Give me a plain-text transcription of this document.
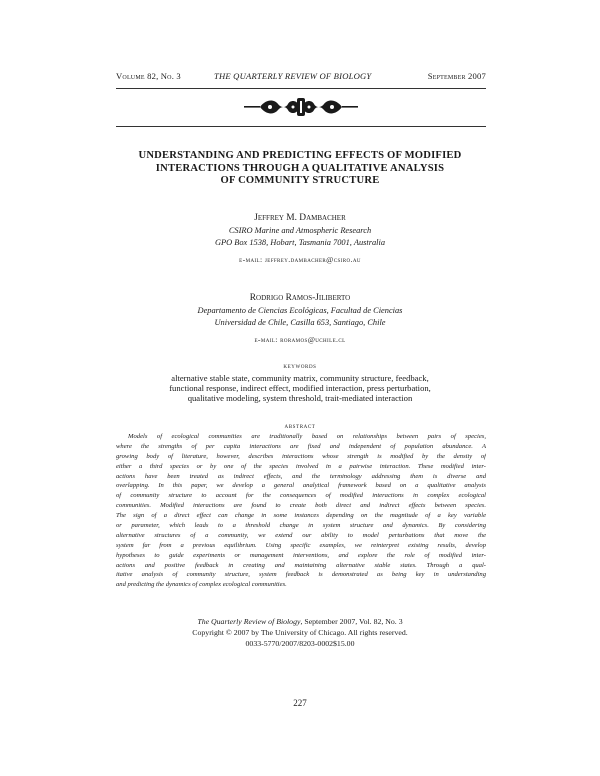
Volume 82, No. 3	THE QUARTERLY REVIEW OF BIOLOGY	September 2007
UNDERSTANDING AND PREDICTING EFFECTS OF MODIFIED
INTERACTIONS THROUGH A QUALITATIVE ANALYSIS
OF COMMUNITY STRUCTURE
Jeffrey M. Dambacher
CSIRO Marine and Atmospheric Research
GPO Box 1538, Hobart, Tasmania 7001, Australia
e-mail: jeffrey.dambacher@csiro.au
Rodrigo Ramos-Jiliberto
Departamento de Ciencias Ecológicas, Facultad de Ciencias
Universidad de Chile, Casilla 653, Santiago, Chile
e-mail: roramos@uchile.cl
keywords
alternative stable state, community matrix, community structure, feedback,
functional response, indirect effect, modified interaction, press perturbation,
qualitative modeling, system threshold, trait-mediated interaction
abstract
Models of ecological communities are traditionally based on relationships between pairs of species,
where the strengths of per capita interactions are fixed and independent of population abundance. A
growing body of literature, however, describes interactions whose strength is modified by the density of
either a third species or by one of the species involved in a pairwise interaction. These modified inter-
actions have been treated as indirect effects, and the terminology addressing them is diverse and
overlapping. In this paper, we develop a general analytical framework based on a qualitative analysis
of community structure to account for the consequences of modified interactions in complex ecological
communities. Modified interactions are found to create both direct and indirect effects between species.
The sign of a direct effect can change in some instances depending on the magnitude of a key variable
or parameter, which leads to a threshold change in system structure and dynamics. By considering
alternative structures of a community, we extend our ability to model perturbations that move the
system far from a previous equilibrium. Using specific examples, we reinterpret existing results, develop
hypotheses to guide experiments or management interventions, and explore the role of modified inter-
actions and positive feedback in creating and maintaining alternative stable states. Through a qual-
itative analysis of community structure, system feedback is demonstrated as being key in understanding
and predicting the dynamics of complex ecological communities.
The Quarterly Review of Biology, September 2007, Vol. 82, No. 3
Copyright © 2007 by The University of Chicago. All rights reserved.
0033-5770/2007/8203-0002$15.00
227
